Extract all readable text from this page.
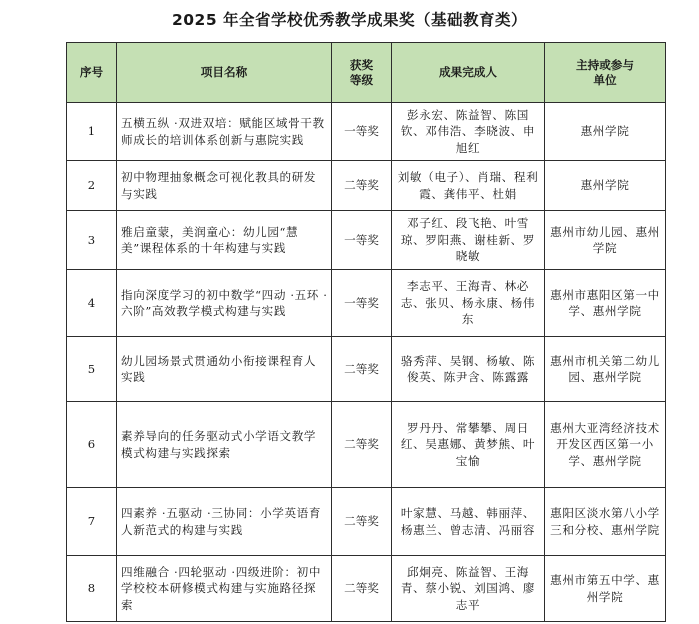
2025 年全省学校优秀教学成果奖（基础教育类）
序号	项目名称	获奖等级	成果完成人	主持或参与单位

1	五横五纵 ·双进双培：赋能区域骨干教师成长的培训体系创新与惠院实践	一等奖	彭永宏、陈益智、陈国钦、邓伟浩、李晓波、申旭红	惠州学院
2	初中物理抽象概念可视化教具的研发与实践	二等奖	刘敏（电子）、肖瑞、程利霞、龚伟平、杜娟	惠州学院
3	雅启童蒙，美润童心：幼儿园“慧美”课程体系的十年构建与实践	一等奖	邓子红、段飞艳、叶雪琼、罗阳燕、谢桂新、罗晓敏	惠州市幼儿园、惠州学院
4	指向深度学习的初中数学“四动 ·五环 ·六阶”高效教学模式构建与实践	一等奖	李志平、王海青、林必志、张贝、杨永康、杨伟东	惠州市惠阳区第一中学、惠州学院
5	幼儿园场景式贯通幼小衔接课程育人实践	二等奖	骆秀萍、吴钢、杨敏、陈俊英、陈尹含、陈露露	惠州市机关第二幼儿园、惠州学院
6	素养导向的任务驱动式小学语文教学模式构建与实践探索	二等奖	罗丹丹、常攀攀、周日红、吴惠娜、黄梦熊、叶宝愉	惠州大亚湾经济技术开发区西区第一小学、惠州学院
7	四素养 ·五驱动 ·三协同：小学英语育人新范式的构建与实践	二等奖	叶家慧、马越、韩丽萍、杨惠兰、曾志清、冯丽容	惠阳区淡水第八小学三和分校、惠州学院
8	四维融合 ·四轮驱动 ·四级进阶：初中学校校本研修模式构建与实施路径探索	二等奖	邱炯亮、陈益智、王海青、蔡小锐、刘国鸿、廖志平	惠州市第五中学、惠州学院
